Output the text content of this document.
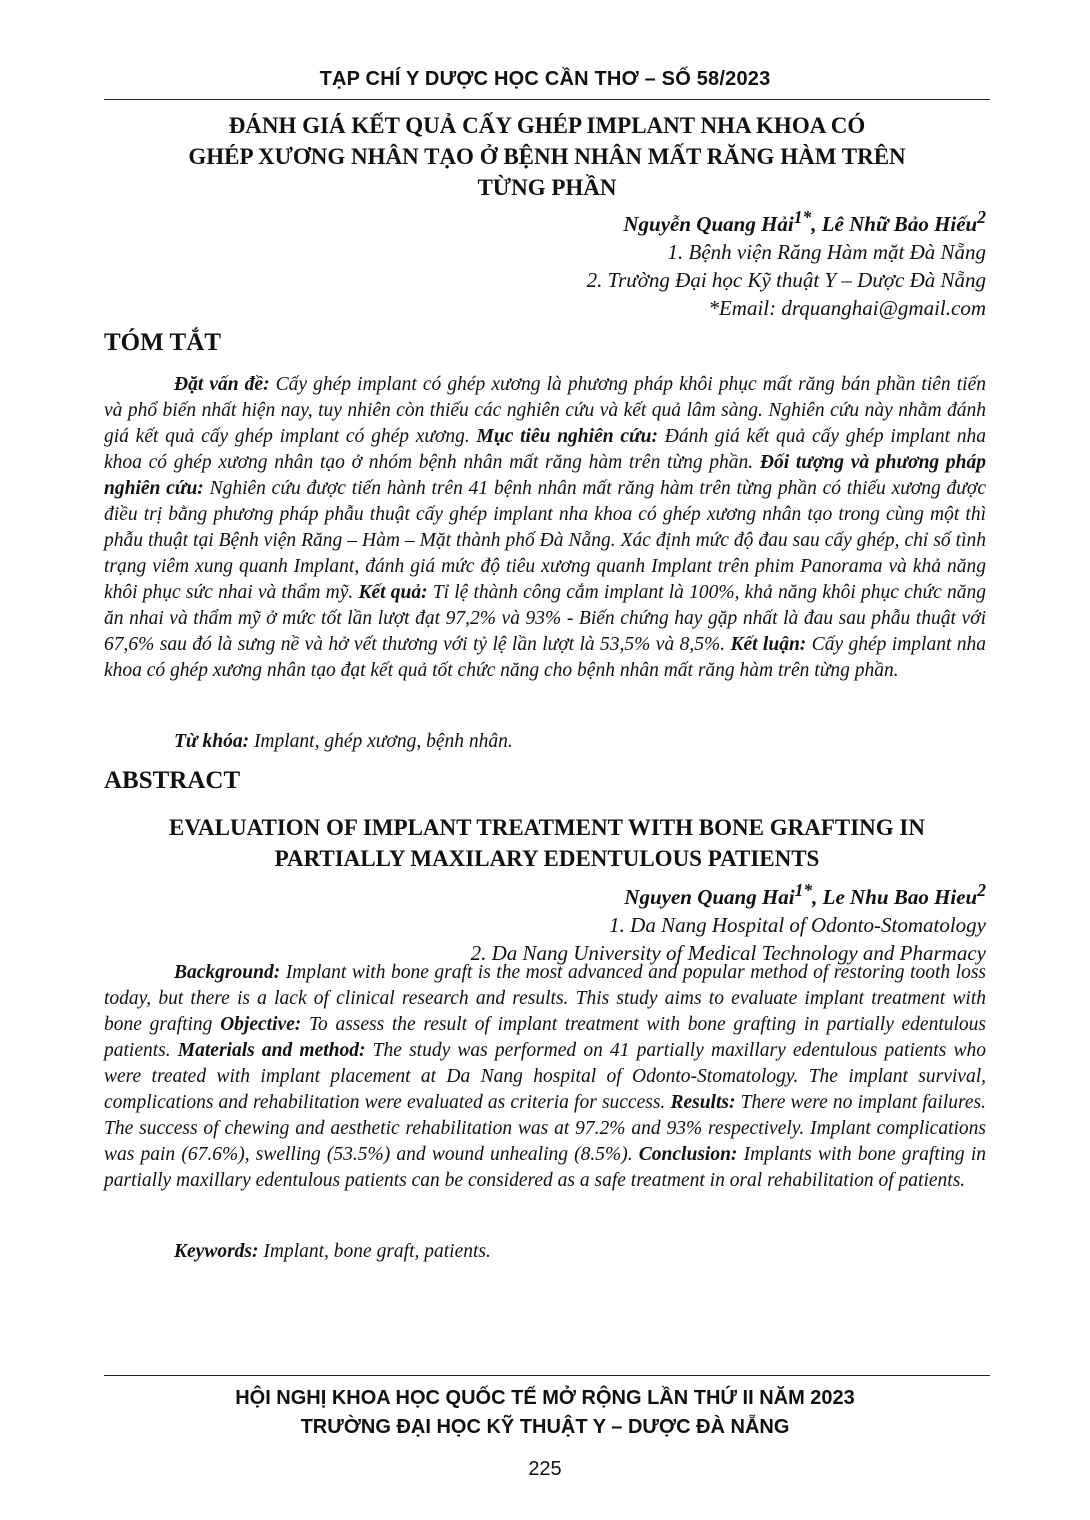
TẠP CHÍ Y DƯỢC HỌC CẦN THƠ – SỐ 58/2023
ĐÁNH GIÁ KẾT QUẢ CẤY GHÉP IMPLANT NHA KHOA CÓ
GHÉP XƯƠNG NHÂN TẠO Ở BỆNH NHÂN MẤT RĂNG HÀM TRÊN
TỪNG PHẦN
Nguyễn Quang Hải$^{1*}$, Lê Nhữ Bảo Hiếu$^2$
1. Bệnh viện Răng Hàm mặt Đà Nẵng
2. Trường Đại học Kỹ thuật Y – Dược Đà Nẵng
*Email: drquanghai@gmail.com
TÓM TẮT
Đặt vấn đề: Cấy ghép implant có ghép xương là phương pháp khôi phục mất răng bán phần tiên tiến và phổ biến nhất hiện nay, tuy nhiên còn thiếu các nghiên cứu và kết quả lâm sàng. Nghiên cứu này nhằm đánh giá kết quả cấy ghép implant có ghép xương. Mục tiêu nghiên cứu: Đánh giá kết quả cấy ghép implant nha khoa có ghép xương nhân tạo ở nhóm bệnh nhân mất răng hàm trên từng phần. Đối tượng và phương pháp nghiên cứu: Nghiên cứu được tiến hành trên 41 bệnh nhân mất răng hàm trên từng phần có thiếu xương được điều trị bằng phương pháp phẫu thuật cấy ghép implant nha khoa có ghép xương nhân tạo trong cùng một thì phẫu thuật tại Bệnh viện Răng – Hàm – Mặt thành phố Đà Nẵng. Xác định mức độ đau sau cấy ghép, chỉ số tình trạng viêm xung quanh Implant, đánh giá mức độ tiêu xương quanh Implant trên phim Panorama và khả năng khôi phục sức nhai và thẩm mỹ. Kết quả: Tỉ lệ thành công cắm implant là 100%, khả năng khôi phục chức năng ăn nhai và thẩm mỹ ở mức tốt lần lượt đạt 97,2% và 93% - Biến chứng hay gặp nhất là đau sau phẫu thuật với 67,6% sau đó là sưng nề và hở vết thương với tỷ lệ lần lượt là 53,5% và 8,5%. Kết luận: Cấy ghép implant nha khoa có ghép xương nhân tạo đạt kết quả tốt chức năng cho bệnh nhân mất răng hàm trên từng phần.
Từ khóa: Implant, ghép xương, bệnh nhân.
ABSTRACT
EVALUATION OF IMPLANT TREATMENT WITH BONE GRAFTING IN
PARTIALLY MAXILARY EDENTULOUS PATIENTS
Nguyen Quang Hai$^{1*}$, Le Nhu Bao Hieu$^2$
1. Da Nang Hospital of Odonto-Stomatology
2. Da Nang University of Medical Technology and Pharmacy
Background: Implant with bone graft is the most advanced and popular method of restoring tooth loss today, but there is a lack of clinical research and results. This study aims to evaluate implant treatment with bone grafting Objective: To assess the result of implant treatment with bone grafting in partially edentulous patients. Materials and method: The study was performed on 41 partially maxillary edentulous patients who were treated with implant placement at Da Nang hospital of Odonto-Stomatology. The implant survival, complications and rehabilitation were evaluated as criteria for success. Results: There were no implant failures. The success of chewing and aesthetic rehabilitation was at 97.2% and 93% respectively. Implant complications was pain (67.6%), swelling (53.5%) and wound unhealing (8.5%). Conclusion: Implants with bone grafting in partially maxillary edentulous patients can be considered as a safe treatment in oral rehabilitation of patients.
Keywords: Implant, bone graft, patients.
HỘI NGHỊ KHOA HỌC QUỐC TẾ MỞ RỘNG LẦN THỨ II NĂM 2023
TRƯỜNG ĐẠI HỌC KỸ THUẬT Y – DƯỢC ĐÀ NẴNG
225
